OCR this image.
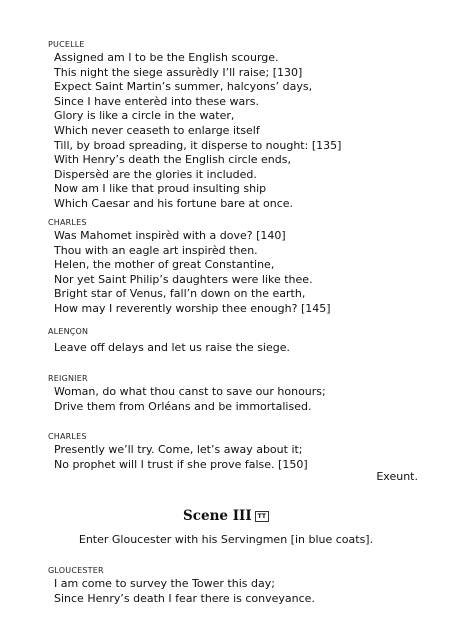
PUCELLE
Assigned am I to be the English scourge.
This night the siege assurèdly I’ll raise; [130]
Expect Saint Martin’s summer, halcyons’ days,
Since I have enterèd into these wars.
Glory is like a circle in the water,
Which never ceaseth to enlarge itself
Till, by broad spreading, it disperse to nought: [135]
With Henry’s death the English circle ends,
Dispersèd are the glories it included.
Now am I like that proud insulting ship
Which Caesar and his fortune bare at once.
CHARLES
Was Mahomet inspirèd with a dove? [140]
Thou with an eagle art inspirèd then.
Helen, the mother of great Constantine,
Nor yet Saint Philip’s daughters were like thee.
Bright star of Venus, fall’n down on the earth,
How may I reverently worship thee enough? [145]
ALENÇON
Leave off delays and let us raise the siege.
REIGNIER
Woman, do what thou canst to save our honours;
Drive them from Orléans and be immortalised.
CHARLES
Presently we’ll try. Come, let’s away about it;
No prophet will I trust if she prove false. [150]
Exeunt.
Scene III TT
Enter Gloucester with his Servingmen [in blue coats].
GLOUCESTER
I am come to survey the Tower this day;
Since Henry’s death I fear there is conveyance.
